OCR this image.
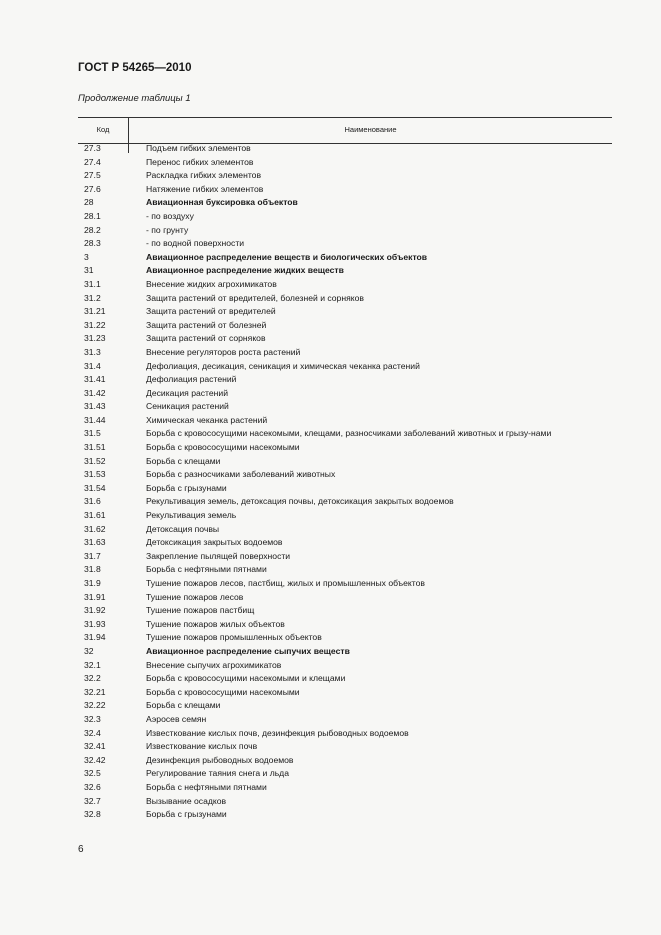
ГОСТ Р 54265—2010

Продолжение таблицы 1

Код	Наименование
27.3	Подъем гибких элементов
27.4	Перенос гибких элементов
27.5	Раскладка гибких элементов
27.6	Натяжение гибких элементов
28	Авиационная буксировка объектов
28.1	- по воздуху
28.2	- по грунту
28.3	- по водной поверхности
3	Авиационное распределение веществ и биологических объектов
31	Авиационное распределение жидких веществ
31.1	Внесение жидких агрохимикатов
31.2	Защита растений от вредителей, болезней и сорняков
31.21	Защита растений от вредителей
31.22	Защита растений от болезней
31.23	Защита растений от сорняков
31.3	Внесение регуляторов роста растений
31.4	Дефолиация, десикация, сеникация и химическая чеканка растений
31.41	Дефолиация растений
31.42	Десикация растений
31.43	Сеникация растений
31.44	Химическая чеканка растений
31.5	Борьба с кровососущими насекомыми, клещами, разносчиками заболеваний животных и грызу-нами
31.51	Борьба с кровососущими насекомыми
31.52	Борьба с клещами
31.53	Борьба с разносчиками заболеваний животных
31.54	Борьба с грызунами
31.6	Рекультивация земель, детоксация почвы, детоксикация закрытых водоемов
31.61	Рекультивация земель
31.62	Детоксация почвы
31.63	Детоксикация закрытых водоемов
31.7	Закрепление пылящей поверхности
31.8	Борьба с нефтяными пятнами
31.9	Тушение пожаров лесов, пастбищ, жилых и промышленных объектов
31.91	Тушение пожаров лесов
31.92	Тушение пожаров пастбищ
31.93	Тушение пожаров жилых объектов
31.94	Тушение пожаров промышленных объектов
32	Авиационное распределение сыпучих веществ
32.1	Внесение сыпучих агрохимикатов
32.2	Борьба с кровососущими насекомыми и клещами
32.21	Борьба с кровососущими насекомыми
32.22	Борьба с клещами
32.3	Аэросев семян
32.4	Известкование кислых почв, дезинфекция рыбоводных водоемов
32.41	Известкование кислых почв
32.42	Дезинфекция рыбоводных водоемов
32.5	Регулирование таяния снега и льда
32.6	Борьба с нефтяными пятнами
32.7	Вызывание осадков
32.8	Борьба с грызунами

6
